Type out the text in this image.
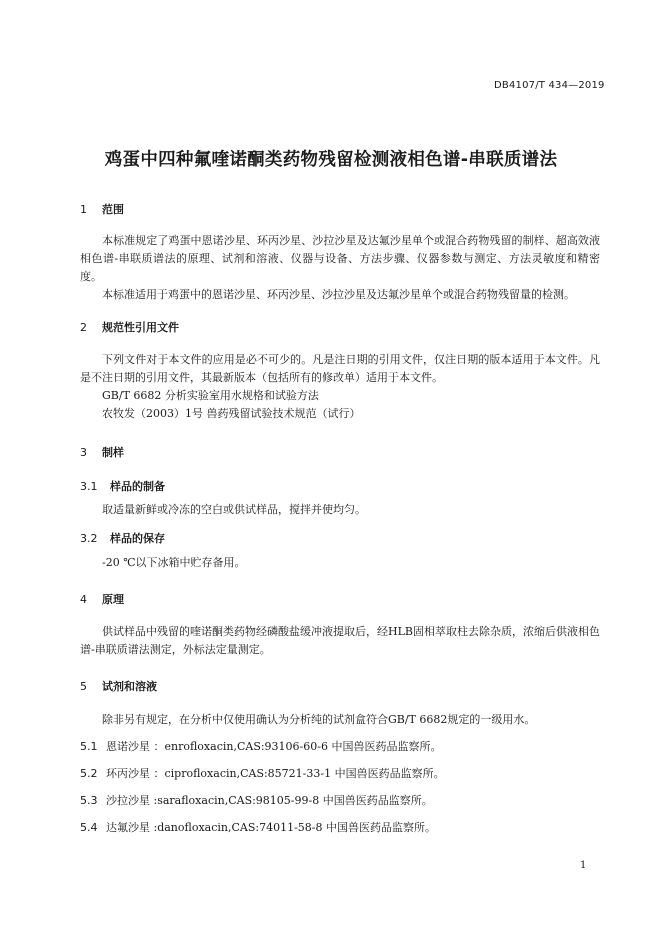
DB4107/T 434—2019
鸡蛋中四种氟喹诺酮类药物残留检测液相色谱-串联质谱法
1 范围
本标准规定了鸡蛋中恩诺沙星、环丙沙星、沙拉沙星及达氟沙星单个或混合药物残留的制样、超高效液相色谱-串联质谱法的原理、试剂和溶液、仪器与设备、方法步骤、仪器参数与测定、方法灵敏度和精密度。
本标准适用于鸡蛋中的恩诺沙星、环丙沙星、沙拉沙星及达氟沙星单个或混合药物残留量的检测。
2 规范性引用文件
下列文件对于本文件的应用是必不可少的。凡是注日期的引用文件，仅注日期的版本适用于本文件。凡是不注日期的引用文件，其最新版本（包括所有的修改单）适用于本文件。
GB/T 6682 分析实验室用水规格和试验方法
农牧发（2003）1号 兽药残留试验技术规范（试行）
3 制样
3.1 样品的制备
取适量新鲜或冷冻的空白或供试样品，搅拌并使均匀。
3.2 样品的保存
-20 ℃以下冰箱中贮存备用。
4 原理
供试样品中残留的喹诺酮类药物经磷酸盐缓冲液提取后，经HLB固相萃取柱去除杂质，浓缩后供液相色谱-串联质谱法测定，外标法定量测定。
5 试剂和溶液
除非另有规定，在分析中仅使用确认为分析纯的试剂盒符合GB/T 6682规定的一级用水。
5.1 恩诺沙星 ：enrofloxacin,CAS:93106-60-6 中国兽医药品监察所。
5.2 环丙沙星 ：ciprofloxacin,CAS:85721-33-1 中国兽医药品监察所。
5.3 沙拉沙星 :sarafloxacin,CAS:98105-99-8 中国兽医药品监察所。
5.4 达氟沙星 :danofloxacin,CAS:74011-58-8 中国兽医药品监察所。
1
